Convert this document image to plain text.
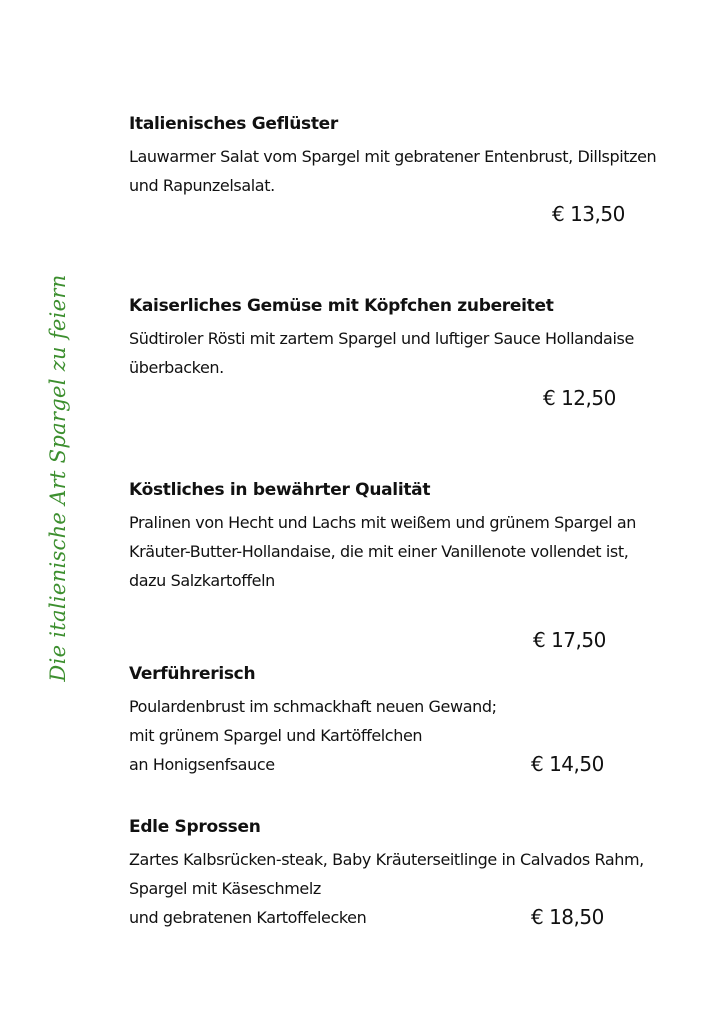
Die italienische Art Spargel zu feiern
Italienisches Geflüster
Lauwarmer Salat vom Spargel mit gebratener Entenbrust, Dillspitzen
und Rapunzelsalat.
€ 13,50
Kaiserliches Gemüse mit Köpfchen zubereitet
Südtiroler Rösti mit zartem Spargel und luftiger Sauce Hollandaise
überbacken.
€ 12,50
Köstliches in bewährter Qualität
Pralinen von Hecht und Lachs mit weißem und grünem Spargel an
Kräuter-Butter-Hollandaise, die mit einer Vanillenote vollendet ist,
dazu Salzkartoffeln
€ 17,50
Verführerisch
Poulardenbrust im schmackhaft neuen Gewand;
mit grünem Spargel und Kartöffelchen
an Honigsenfsauce	€ 14,50
Edle Sprossen
Zartes Kalbsrücken-steak, Baby Kräuterseitlinge in Calvados Rahm,
Spargel mit Käseschmelz
und gebratenen Kartoffelecken	€ 18,50
